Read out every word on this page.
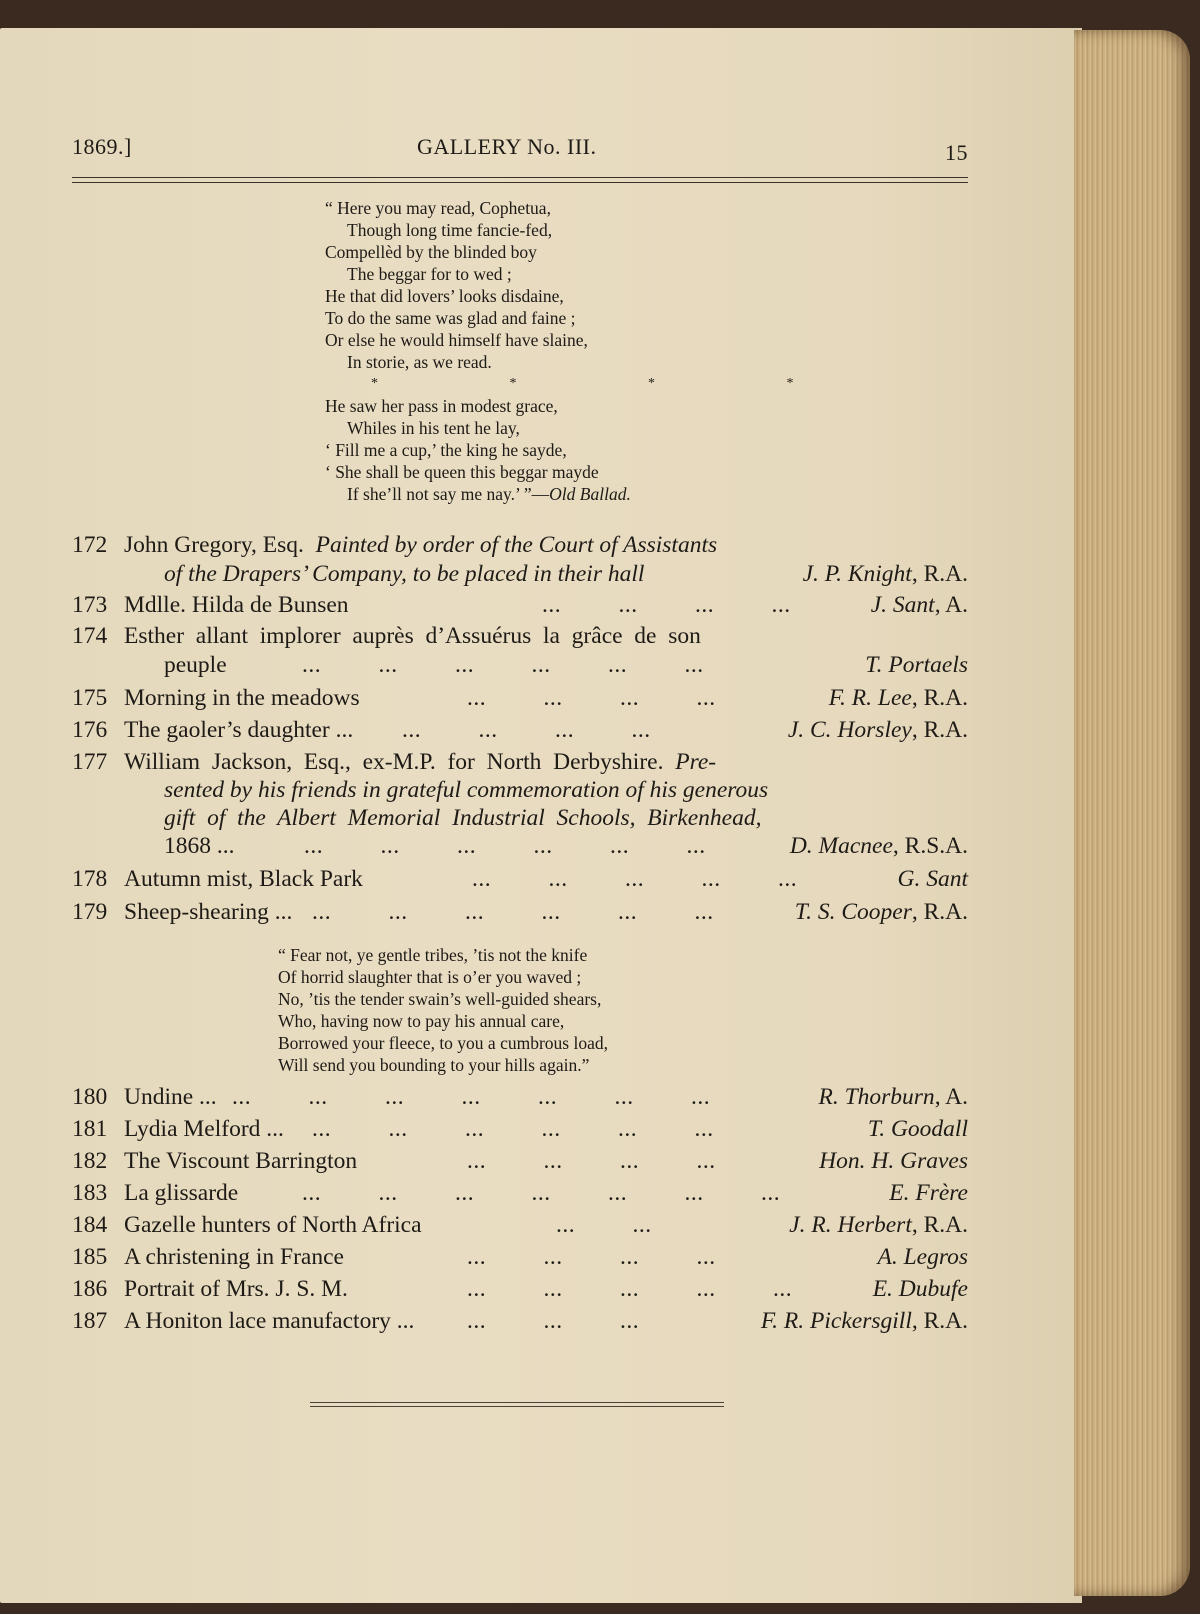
1869.]	GALLERY No. III.	15
“ Here you may read, Cophetua,
Though long time fancie-fed,
Compellèd by the blinded boy
The beggar for to wed ;
He that did lovers’ looks disdaine,
To do the same was glad and faine ;
Or else he would himself have slaine,
In storie, as we read.
* * * *
He saw her pass in modest grace,
Whiles in his tent he lay,
‘ Fill me a cup,’ the king he sayde,
‘ She shall be queen this beggar mayde
If she’ll not say me nay.’ ”—Old Ballad.
172 John Gregory, Esq. Painted by order of the Court of Assistants
of the Drapers’ Company, to be placed in their hall	J. P. Knight, R.A.
173 Mdlle. Hilda de Bunsen	...         ...         ...         ...	J. Sant, A.
174 Esther  allant  implorer  auprès  d’Assuérus  la  grâce  de  son
peuple	...         ...         ...         ...         ...         ...	T. Portaels
175 Morning in the meadows	...         ...         ...         ...	F. R. Lee, R.A.
176 The gaoler’s daughter ... ...         ...         ...         ...	J. C. Horsley, R.A.
177 William  Jackson,  Esq.,  ex-M.P.  for  North  Derbyshire. Pre-
sented by his friends in grateful commemoration of his generous
gift  of  the  Albert  Memorial  Industrial  Schools,  Birkenhead,
1868 ...	...         ...         ...         ...         ...         ...	D. Macnee, R.S.A.
178 Autumn mist, Black Park	...         ...         ...         ...         ...	G. Sant
179 Sheep-shearing ... ...         ...         ...         ...         ...         ...	T. S. Cooper, R.A.
“ Fear not, ye gentle tribes, ’tis not the knife
Of horrid slaughter that is o’er you waved ;
No, ’tis the tender swain’s well-guided shears,
Who, having now to pay his annual care,
Borrowed your fleece, to you a cumbrous load,
Will send you bounding to your hills again.”
180 Undine ... ...         ...         ...         ...         ...         ...         ...	R. Thorburn, A.
181 Lydia Melford ... ...         ...         ...         ...         ...         ...	T. Goodall
182 The Viscount Barrington	...         ...         ...         ...	Hon. H. Graves
183 La glissarde	...         ...         ...         ...         ...         ...         ...	E. Frère
184 Gazelle hunters of North Africa	...         ...	J. R. Herbert, R.A.
185 A christening in France	...         ...         ...         ...	A. Legros
186 Portrait of Mrs. J. S. M.	...         ...         ...         ...         ...	E. Dubufe
187 A Honiton lace manufactory ... ...         ...         ...	F. R. Pickersgill, R.A.
